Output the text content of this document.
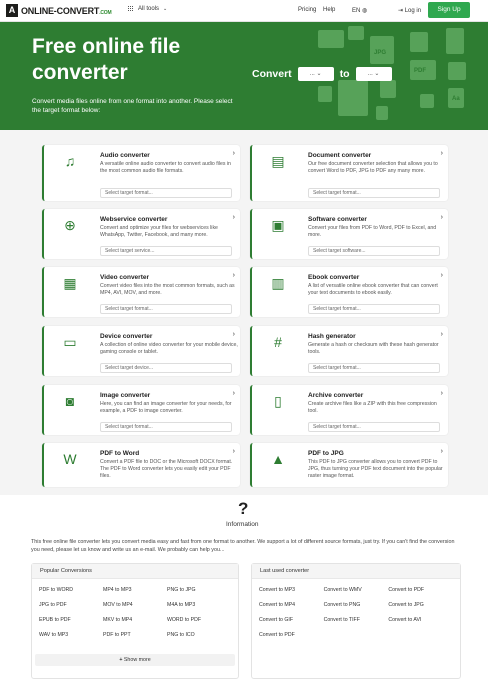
A ONLINE-CONVERT.COM
All tools ⌄	Pricing Help	EN ◍	⇥ Log in	Sign Up
JPG
PDF
Aa
Free online file converter

Convert media files online from one format into another. Please select the target format below:

Convert	... ⌄	to	... ⌄
♫	Audio converter
A versatile online audio converter to convert audio files in the most common audio file formats.
Select target format...
›	▤	Document converter
Our free document converter selection that allows you to convert Word to PDF, JPG to PDF any many more.
Select target format...
›
⊕	Webservice converter
Convert and optimize your files for webservices like WhatsApp, Twitter, Facebook, and many more.
Select target service...
›	▣	Software converter
Convert your files from PDF to Word, PDF to Excel, and more.
Select target software...
›
▦	Video converter
Convert video files into the most common formats, such as MP4, AVI, MOV, and more.
Select target format...
›	▥	Ebook converter
A list of versatile online ebook converter that can convert your text documents to ebook easily.
Select target format...
›
▭	Device converter
A collection of online video converter for your mobile device, gaming console or tablet.
Select target device...
›	#	Hash generator
Generate a hash or checksum with these hash generator tools.
Select target format...
›
◙	Image converter
Here, you can find an image converter for your needs, for example, a PDF to image converter.
Select target format...
›	▯	Archive converter
Create archive files like a ZIP with this free compression tool.
Select target format...
›
W	PDF to Word
Convert a PDF file to DOC or the Microsoft DOCX format. The PDF to Word converter lets you easily edit your PDF files.
›	▲	PDF to JPG
This PDF to JPG converter allows you to convert PDF to JPG, thus turning your PDF text document into the popular raster image format.
›
?
Information
This free online file converter lets you convert media easy and fast from one format to another. We support a lot of different source formats, just try. If you can't find the conversion you need, please let us know and write us an e-mail. We probably can help you...
Popular Conversions
PDF to WORD	MP4 to MP3	PNG to JPG
JPG to PDF	MOV to MP4	M4A to MP3
EPUB to PDF	MKV to MP4	WORD to PDF
WAV to MP3	PDF to PPT	PNG to ICO
+ Show more
Last used converter
Convert to MP3	Convert to WMV	Convert to PDF
Convert to MP4	Convert to PNG	Convert to JPG
Convert to GIF	Convert to TIFF	Convert to AVI
Convert to PDF
